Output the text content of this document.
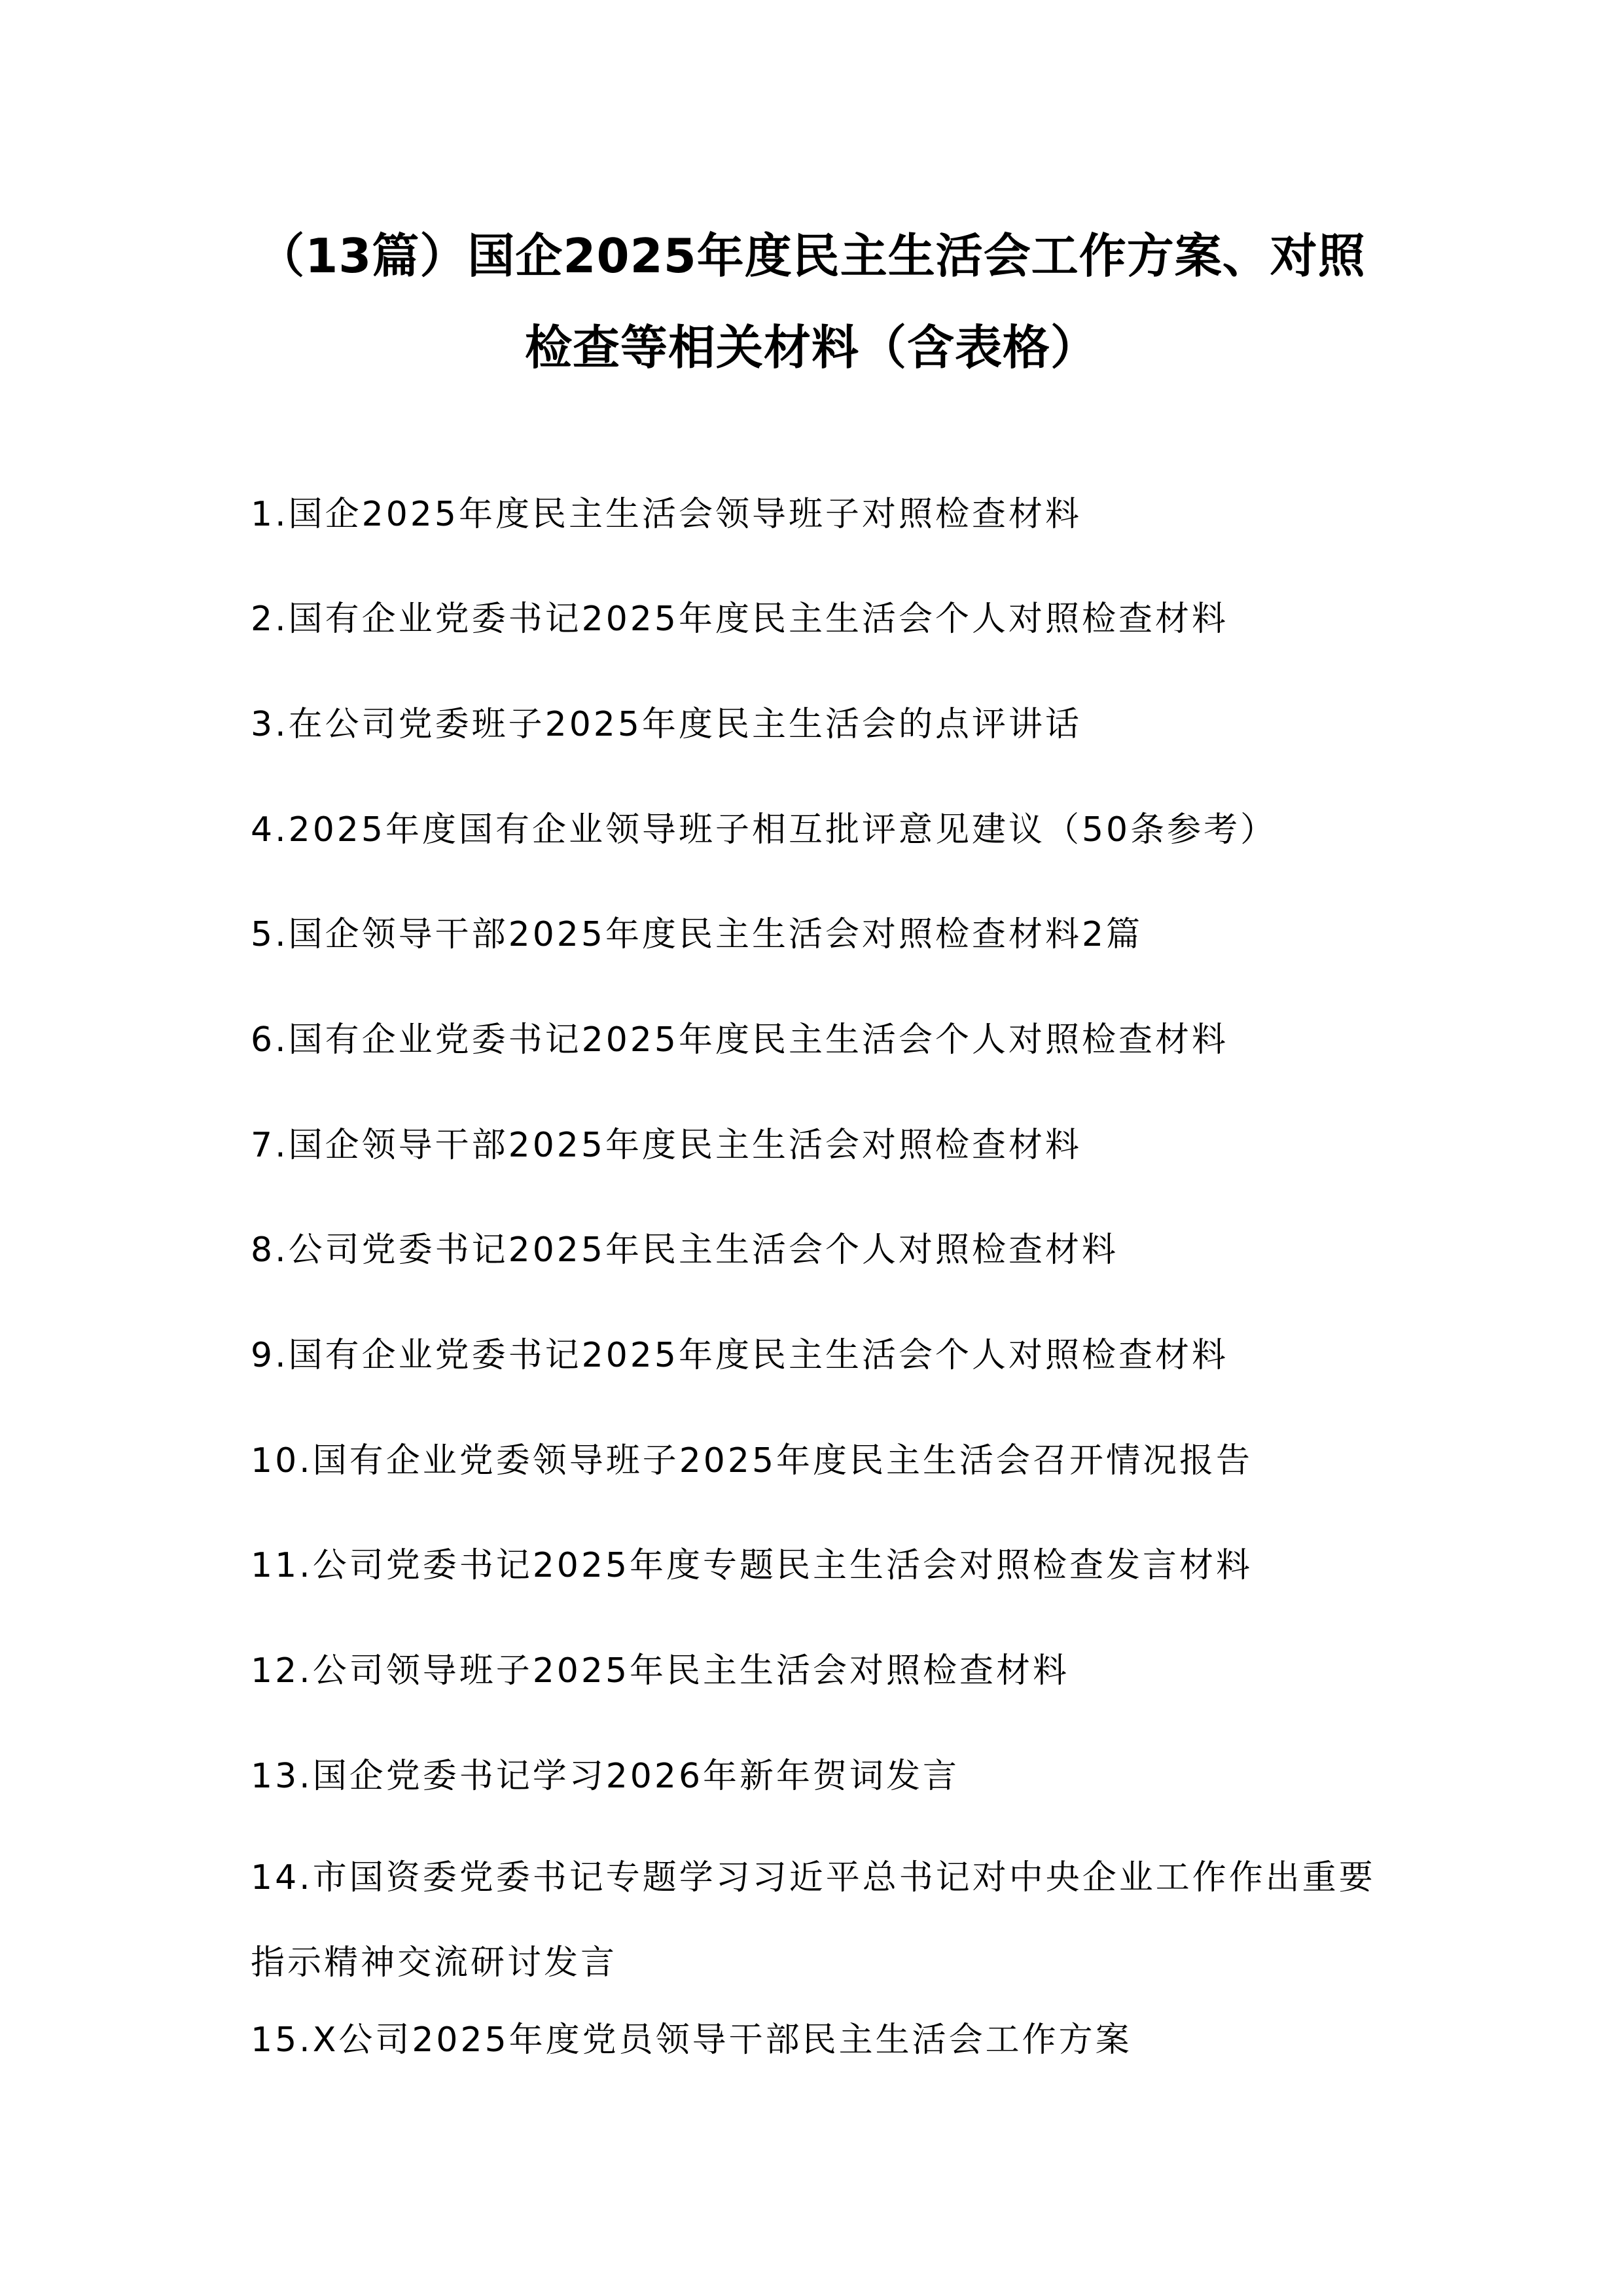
（13篇）国企2025年度民主生活会工作方案、对照
检查等相关材料（含表格）
1.国企2025年度民主生活会领导班子对照检查材料
2.国有企业党委书记2025年度民主生活会个人对照检查材料
3.在公司党委班子2025年度民主生活会的点评讲话
4.2025年度国有企业领导班子相互批评意见建议（50条参考）
5.国企领导干部2025年度民主生活会对照检查材料2篇
6.国有企业党委书记2025年度民主生活会个人对照检查材料
7.国企领导干部2025年度民主生活会对照检查材料
8.公司党委书记2025年民主生活会个人对照检查材料
9.国有企业党委书记2025年度民主生活会个人对照检查材料
10.国有企业党委领导班子2025年度民主生活会召开情况报告
11.公司党委书记2025年度专题民主生活会对照检查发言材料
12.公司领导班子2025年民主生活会对照检查材料
13.国企党委书记学习2026年新年贺词发言
14.市国资委党委书记专题学习习近平总书记对中央企业工作作出重要指示精神交流研讨发言
15.X公司2025年度党员领导干部民主生活会工作方案
